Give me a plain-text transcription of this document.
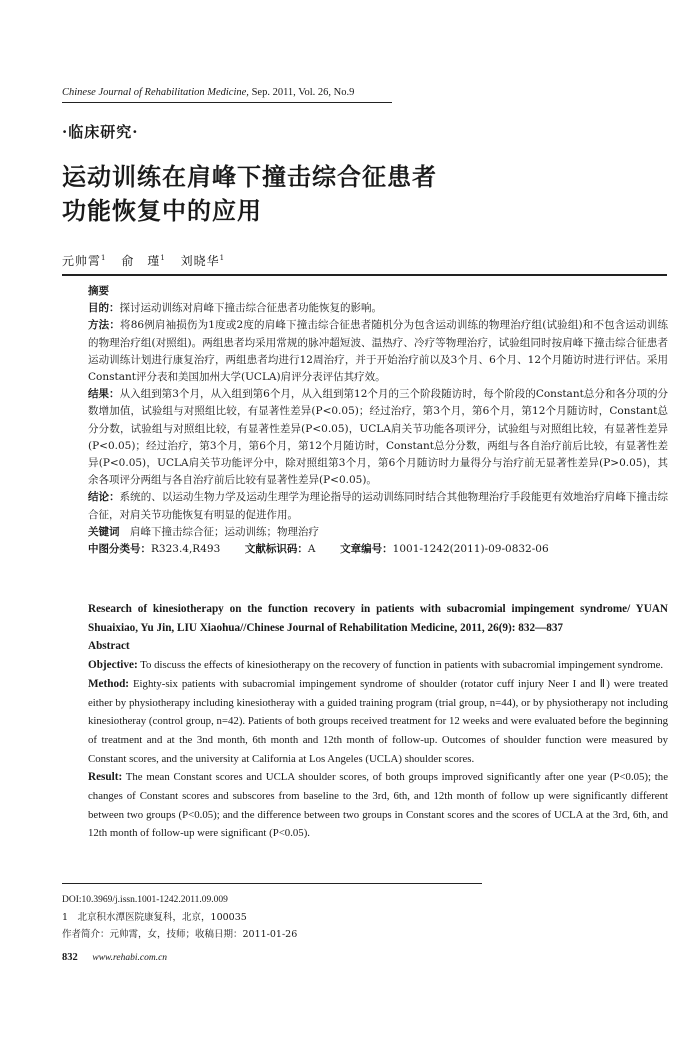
Chinese Journal of Rehabilitation Medicine, Sep. 2011, Vol. 26, No.9
·临床研究·
运动训练在肩峰下撞击综合征患者
功能恢复中的应用
元帅霄$^1$ 俞　瑾$^1$ 刘晓华$^1$

摘要

目的：探讨运动训练对肩峰下撞击综合征患者功能恢复的影响。

方法：将86例肩袖损伤为1度或2度的肩峰下撞击综合征患者随机分为包含运动训练的物理治疗组(试验组)和不包含运动训练的物理治疗组(对照组)。两组患者均采用常规的脉冲超短波、温热疗、冷疗等物理治疗，试验组同时按肩峰下撞击综合征患者运动训练计划进行康复治疗，两组患者均进行12周治疗，并于开始治疗前以及3个月、6个月、12个月随访时进行评估。采用Constant评分表和美国加州大学(UCLA)肩评分表评估其疗效。

结果：从入组到第3个月，从入组到第6个月，从入组到第12个月的三个阶段随访时，每个阶段的Constant总分和各分项的分数增加值，试验组与对照组比较，有显著性差异(P<0.05)；经过治疗，第3个月，第6个月，第12个月随访时，Constant总分分数，试验组与对照组比较，有显著性差异(P<0.05)，UCLA肩关节功能各项评分，试验组与对照组比较，有显著性差异(P<0.05)；经过治疗，第3个月，第6个月，第12个月随访时，Constant总分分数，两组与各自治疗前后比较，有显著性差异(P<0.05)，UCLA肩关节功能评分中，除对照组第3个月，第6个月随访时力量得分与治疗前无显著性差异(P>0.05)，其余各项评分两组与各自治疗前后比较有显著性差异(P<0.05)。

结论：系统的、以运动生物力学及运动生理学为理论指导的运动训练同时结合其他物理治疗手段能更有效地治疗肩峰下撞击综合征，对肩关节功能恢复有明显的促进作用。

关键词　 肩峰下撞击综合征；运动训练；物理治疗

中图分类号：R323.4,R493 　　 文献标识码：A 　　 文章编号：1001-1242(2011)-09-0832-06

Research of kinesiotherapy on the function recovery in patients with subacromial impingement syndrome/ YUAN Shuaixiao, Yu Jin, LIU Xiaohua//Chinese Journal of Rehabilitation Medicine, 2011, 26(9): 832—837

Abstract

Objective: To discuss the effects of kinesiotherapy on the recovery of function in patients with subacromial impingement syndrome.

Method: Eighty-six patients with subacromial impingement syndrome of shoulder (rotator cuff injury Neer I and Ⅱ) were treated either by physiotherapy including kinesiotheray with a guided training program (trial group, n=44), or by physiotherapy not including kinesiotheray (control group, n=42). Patients of both groups received treatment for 12 weeks and were evaluated before the beginning of treatment and at the 3nd month, 6th month and 12th month of follow-up. Outcomes of shoulder function were measured by Constant scores, and the university at California at Los Angeles (UCLA) shoulder scores.

Result: The mean Constant scores and UCLA shoulder scores, of both groups improved significantly after one year (P<0.05); the changes of Constant scores and subscores from baseline to the 3rd, 6th, and 12th month of follow up were significantly different between two groups (P<0.05); and the difference between two groups in Constant scores and the scores of UCLA at the 3rd, 6th, and 12th month of follow-up were significant (P<0.05).

DOI:10.3969/j.issn.1001-1242.2011.09.009
1　北京积水潭医院康复科，北京，100035
作者简介：元帅霄，女，技师；收稿日期：2011-01-26
832 www.rehabi.com.cn
